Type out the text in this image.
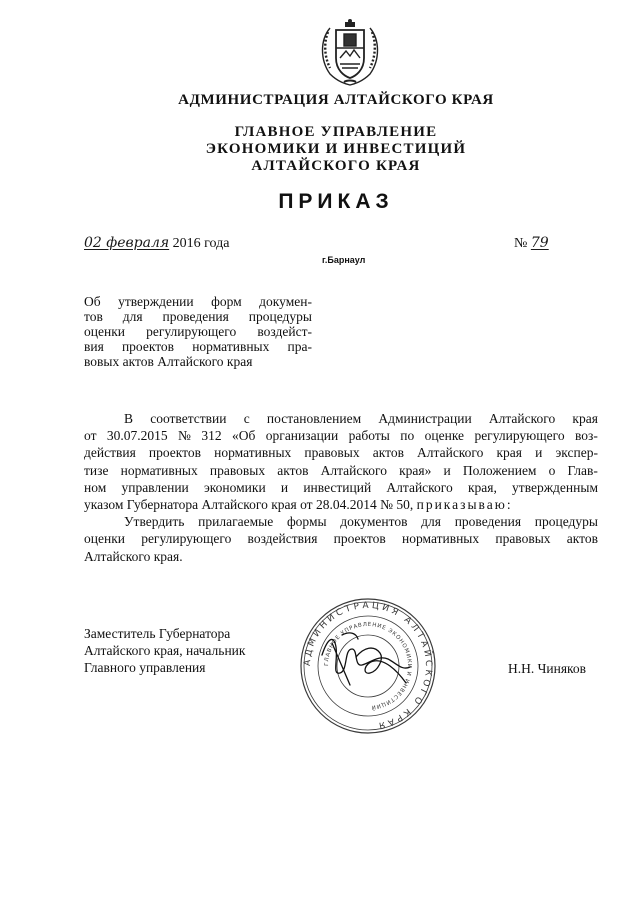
АДМИНИСТРАЦИЯ АЛТАЙСКОГО КРАЯ

ГЛАВНОЕ УПРАВЛЕНИЕ
ЭКОНОМИКИ И ИНВЕСТИЦИЙ
АЛТАЙСКОГО КРАЯ

ПРИКАЗ

02 февраля 2016 года	№ 79
г.Барнаул
Об утверждении форм докумен-
тов для проведения процедуры
оценки регулирующего воздейст-
вия проектов нормативных пра-
вовых актов Алтайского края
В соответствии с постановлением Администрации Алтайского края
от 30.07.2015 № 312 «Об организации работы по оценке регулирующего воз-
действия проектов нормативных правовых актов Алтайского края и экспер-
тизе нормативных правовых актов Алтайского края» и Положением о Глав-
ном управлении экономики и инвестиций Алтайского края, утвержденным
указом Губернатора Алтайского края от 28.04.2014 № 50,
приказываю:
Утвердить прилагаемые формы документов для проведения процедуры
оценки регулирующего воздействия проектов нормативных правовых актов
Алтайского края.
Заместитель Губернатора
Алтайского края, начальник
Главного управления	АДМИНИСТРАЦИЯ АЛТАЙСКОГО КРАЯ
ГЛАВНОЕ УПРАВЛЕНИЕ ЭКОНОМИКИ И ИНВЕСТИЦИЙ
Н.Н. Чиняков
